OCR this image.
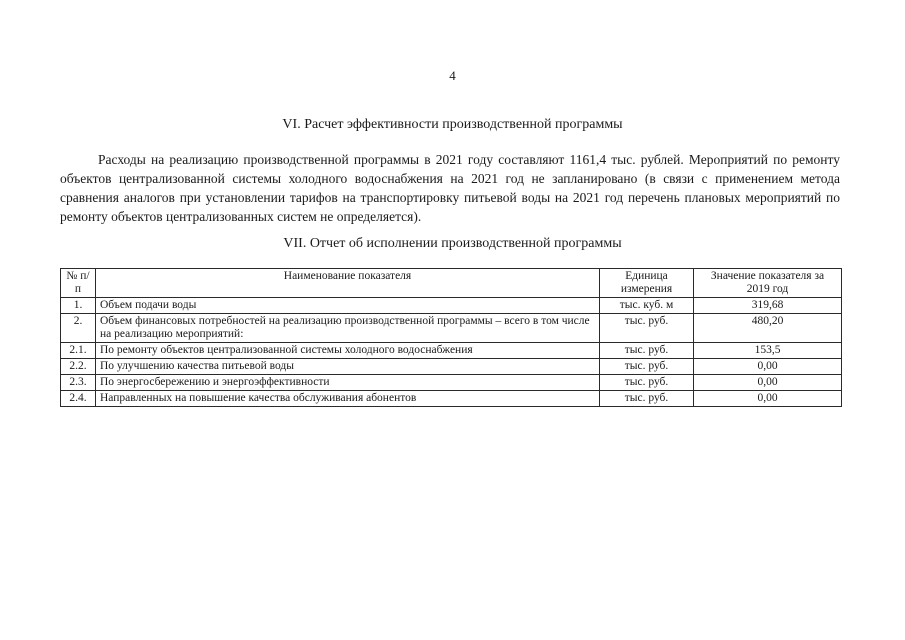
4
VI. Расчет эффективности производственной программы

Расходы на реализацию производственной программы в 2021 году составляют 1161,4 тыс. рублей. Мероприятий по ремонту объектов централизованной системы холодного водоснабжения на 2021 год не запланировано (в связи с применением метода сравнения аналогов при установлении тарифов на транспортировку питьевой воды на 2021 год перечень плановых мероприятий по ремонту объектов централизованных систем не определяется).

VII. Отчет об исполнении производственной программы
№ п/п	Наименование показателя	Единица измерения	Значение показателя за 2019 год
1.	Объем подачи воды	тыс. куб. м	319,68
2.	Объем финансовых потребностей на реализацию производственной программы – всего в том числе на реализацию мероприятий:	тыс. руб.	480,20
2.1.	По ремонту объектов централизованной системы холодного водоснабжения	тыс. руб.	153,5
2.2.	По улучшению качества питьевой воды	тыс. руб.	0,00
2.3.	По энергосбережению и энергоэффективности	тыс. руб.	0,00
2.4.	Направленных на повышение качества обслуживания абонентов	тыс. руб.	0,00
